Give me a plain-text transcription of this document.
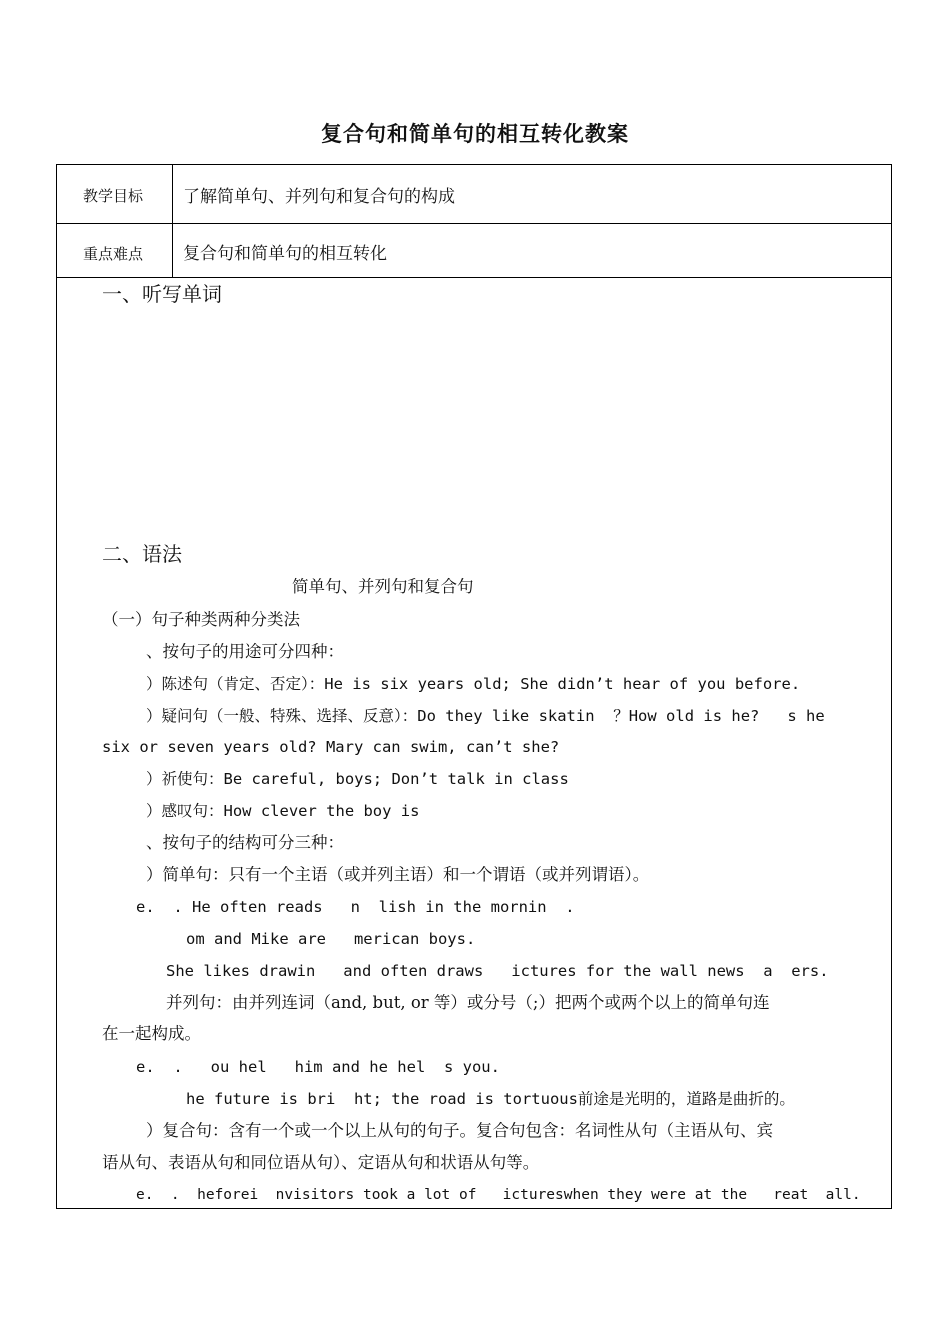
复合句和简单句的相互转化教案
教学目标 了解简单句、并列句和复合句的构成
重点难点 复合句和简单句的相互转化
一、听写单词
二、语法
简单句、并列句和复合句
（一）句子种类两种分类法
、按句子的用途可分四种：
）陈述句（肯定、否定）：He is six years old; She didn’t hear of you before.
）疑问句（一般、特殊、选择、反意）：Do they like skatin  ？How old is he?   s he
six or seven years old? Mary can swim, can’t she?
）祈使句：Be careful, boys; Don’t talk in class
）感叹句：How clever the boy is
、按句子的结构可分三种：
）简单句：只有一个主语（或并列主语）和一个谓语（或并列谓语）。
e.  . He often reads   n  lish in the mornin  .
om and Mike are   merican boys.
She likes drawin   and often draws   ictures for the wall news  a  ers.
并列句：由并列连词（and, but, or 等）或分号（;）把两个或两个以上的简单句连
在一起构成。
e.  .   ou hel   him and he hel  s you.
he future is bri  ht; the road is tortuous前途是光明的，道路是曲折的。
）复合句：含有一个或一个以上从句的句子。复合句包含：名词性从句（主语从句、宾
语从句、表语从句和同位语从句）、定语从句和状语从句等。
e.  .  heforei  nvisitors took a lot of   ictureswhen they were at the   reat  all.
